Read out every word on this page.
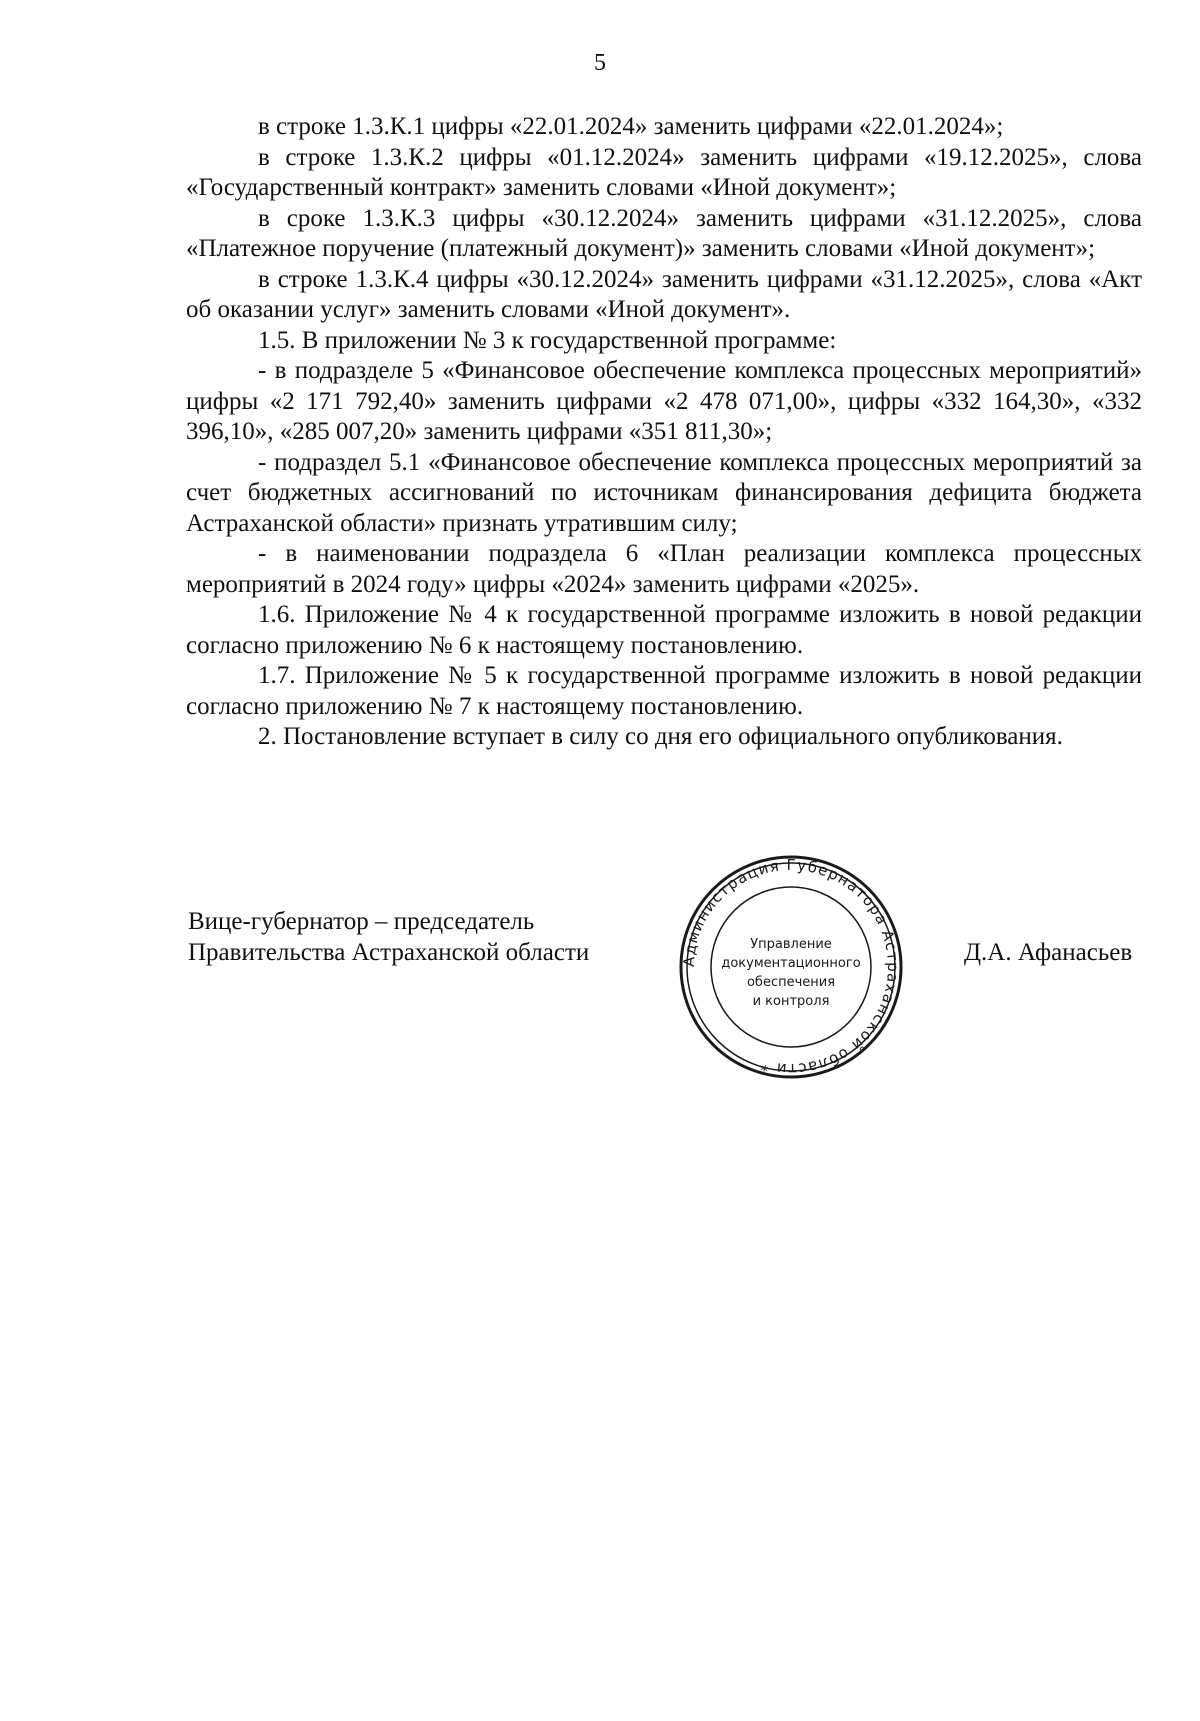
5

в строке 1.3.К.1 цифры «22.01.2024» заменить цифрами «22.01.2024»;

в строке 1.3.К.2 цифры «01.12.2024» заменить цифрами «19.12.2025», слова «Государственный контракт» заменить словами «Иной документ»;

в сроке 1.3.К.3 цифры «30.12.2024» заменить цифрами «31.12.2025», слова «Платежное поручение (платежный документ)» заменить словами «Иной документ»;

в строке 1.3.К.4 цифры «30.12.2024» заменить цифрами «31.12.2025», слова «Акт об оказании услуг» заменить словами «Иной документ».

1.5. В приложении № 3 к государственной программе:

- в подразделе 5 «Финансовое обеспечение комплекса процессных мероприятий» цифры «2 171 792,40» заменить цифрами «2 478 071,00», цифры «332 164,30», «332 396,10», «285 007,20» заменить цифрами «351 811,30»;

- подраздел 5.1 «Финансовое обеспечение комплекса процессных мероприятий за счет бюджетных ассигнований по источникам финансирования дефицита бюджета Астраханской области» признать утратившим силу;

- в наименовании подраздела 6 «План реализации комплекса процессных мероприятий в 2024 году» цифры «2024» заменить цифрами «2025».

1.6. Приложение № 4 к государственной программе изложить в новой редакции согласно приложению № 6 к настоящему постановлению.

1.7. Приложение № 5 к государственной программе изложить в новой редакции согласно приложению № 7 к настоящему постановлению.

2. Постановление вступает в силу со дня его официального опубликования.

Вице-губернатор – председатель
Правительства Астраханской области	Администрация Губернатора Астраханской области *
Управление
документационного
обеспечения
и контроля
Д.А. Афанасьев
